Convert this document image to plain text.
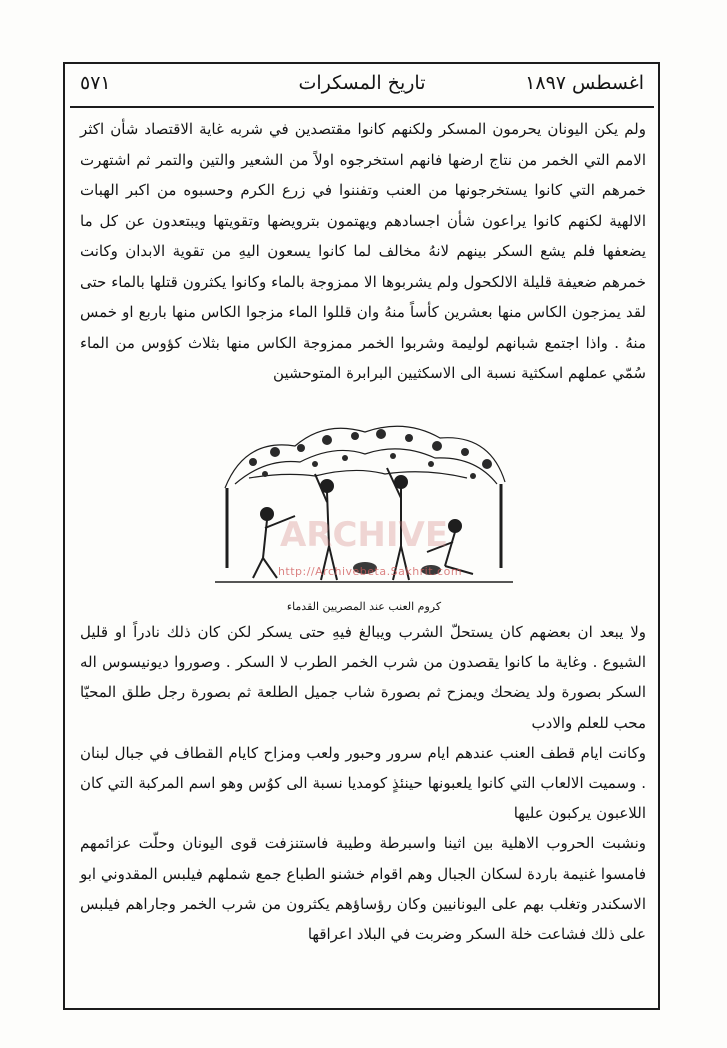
اغسطس ١٨٩٧
تاريخ المسكرات
٥٧١

ولم يكن اليونان يحرمون المسكر ولكنهم كانوا مقتصدين في شربه غاية الاقتصاد شأن اكثر الامم التي الخمر من نتاج ارضها فانهم استخرجوه اولاً من الشعير والتين والتمر ثم اشتهرت خمرهم التي كانوا يستخرجونها من العنب وتفننوا في زرع الكرم وحسبوه من اكبر الهبات الالهية لكنهم كانوا يراعون شأن اجسادهم ويهتمون بترويضها وتقويتها ويبتعدون عن كل ما يضعفها فلم يشع السكر بينهم لانهُ مخالف لما كانوا يسعون اليهِ من تقوية الابدان وكانت خمرهم ضعيفة قليلة الالكحول ولم يشربوها الا ممزوجة بالماء وكانوا يكثرون قتلها بالماء حتى لقد يمزجون الكاس منها بعشرين كأساً منهُ وان قللوا الماء مزجوا الكاس منها باربع او خمس منهُ . واذا اجتمع شبانهم لوليمة وشربوا الخمر ممزوجة الكاس منها بثلاث كؤوس من الماء سُمّي عملهم اسكثية نسبة الى الاسكثيين البرابرة المتوحشين

ARCHIVE
http://Archivebeta.Sakhrit.com
كروم العنب عند المصريين القدماء

ولا يبعد ان بعضهم كان يستحلّ الشرب ويبالغ فيهِ حتى يسكر لكن كان ذلك نادراً او قليل الشيوع . وغاية ما كانوا يقصدون من شرب الخمر الطرب لا السكر . وصوروا ديونيسوس اله السكر بصورة ولد يضحك ويمزح ثم بصورة شاب جميل الطلعة ثم بصورة رجل طلق المحيّا محب للعلم والادب

وكانت ايام قطف العنب عندهم ايام سرور وحبور ولعب ومزاح كايام القطاف في جبال لبنان . وسميت الالعاب التي كانوا يلعبونها حينئذٍ كومديا نسبة الى كوُس وهو اسم المركبة التي كان اللاعبون يركبون عليها

ونشبت الحروب الاهلية بين اثينا واسبرطة وطيبة فاستنزفت قوى اليونان وحلّت عزائمهم فامسوا غنيمة باردة لسكان الجبال وهم اقوام خشنو الطباع جمع شملهم فيلبس المقدوني ابو الاسكندر وتغلب بهم على اليونانيين وكان رؤساؤهم يكثرون من شرب الخمر وجاراهم فيلبس على ذلك فشاعت خلة السكر وضربت في البلاد اعراقها
